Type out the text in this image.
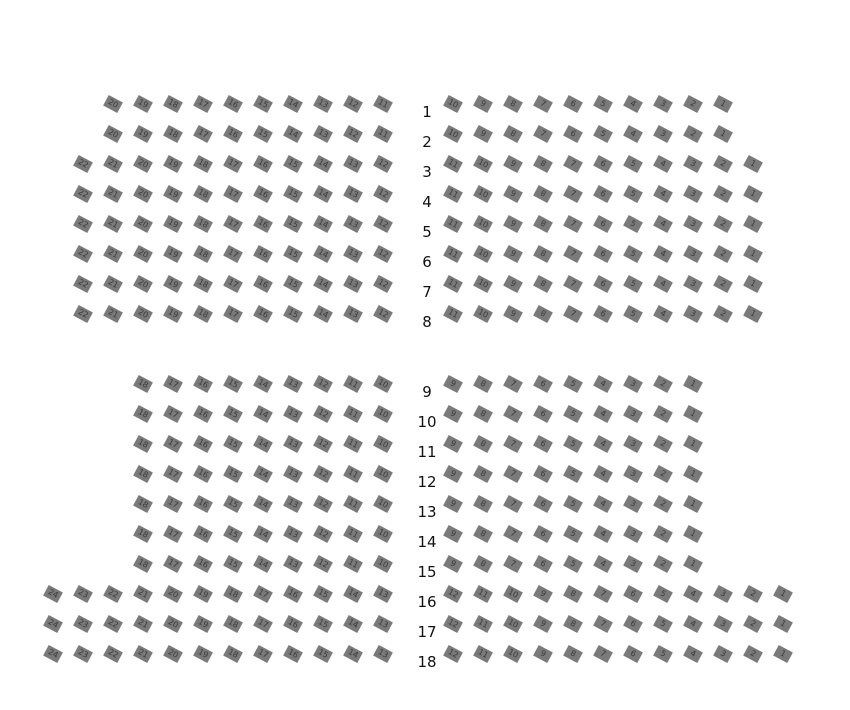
1
20 19 18 17 16 15 14 13 12 11	10 9	8	7	6	5	4	3	2	1
2
20 19 18 17 16 15 14 13 12 11	10 9	8	7	6	5	4	3	2	1
3
22 21 20 19 18 17 16 15 14 13 12	11 10 9	8	7	6	5	4	3	2	1
4
22 21 20 19 18 17 16 15 14 13 12	11 10 9	8	7	6	5	4	3	2	1
5
22 21 20 19 18 17 16 15 14 13 12	11 10 9	8	7	6	5	4	3	2	1
6
22 21 20 19 18 17 16 15 14 13 12	11 10 9	8	7	6	5	4	3	2	1
7
22 21 20 19 18 17 16 15 14 13 12	11 10 9	8	7	6	5	4	3	2	1
8
22 21 20 19 18 17 16 15 14 13 12	11 10 9	8	7	6	5	4	3	2	1
9
18 17 16 15 14 13 12 11 10	9	8	7	6	5	4	3	2	1
10
18 17 16 15 14 13 12 11 10	9	8	7	6	5	4	3	2	1
11
18 17 16 15 14 13 12 11 10	9	8	7	6	5	4	3	2	1
12
18 17 16 15 14 13 12 11 10	9	8	7	6	5	4	3	2	1
13
18 17 16 15 14 13 12 11 10	9	8	7	6	5	4	3	2	1
14
18 17 16 15 14 13 12 11 10	9	8	7	6	5	4	3	2	1
15
18 17 16 15 14 13 12 11 10	9	8	7	6	5	4	3	2	1
16
24 23 22 21 20 19 18 17 16 15 14 13	12 11 10 9	8	7	6	5	4	3	2	1
17
24 23 22 21 20 19 18 17 16 15 14 13	12 11 10 9	8	7	6	5	4	3	2	1
18
24 23 22 21 20 19 18 17 16 15 14 13	12 11 10 9	8	7	6	5	4	3	2	1
